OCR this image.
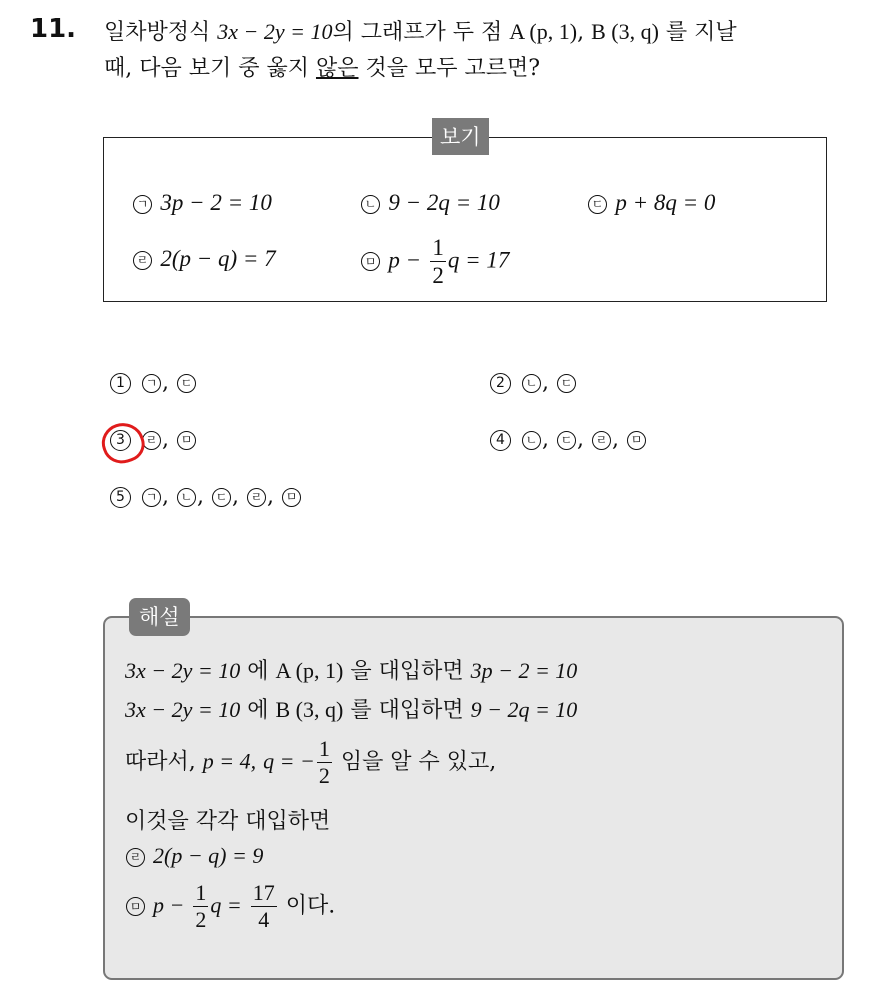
11. 일차방정식 3x − 2y = 10의 그래프가 두 점 A (p, 1), B (3, q) 를 지날
때, 다음 보기 중 옳지 않은 것을 모두 고르면?
보기
ㄱ 3p − 2 = 10	ㄴ 9 − 2q = 10	ㄷ p + 8q = 0
ㄹ 2(p − q) = 7	ㅁ $p - \frac{1}{2}$ q = 17
1 ㄱ , ㄷ	2 ㄴ , ㄷ
3 ㄹ , ㅁ	4 ㄴ , ㄷ , ㄹ , ㅁ
5 ㄱ , ㄴ , ㄷ , ㄹ , ㅁ
해설
3x − 2y = 10 에 A (p, 1) 을 대입하면 3p − 2 = 10
3x − 2y = 10 에 B (3, q) 를 대입하면 9 − 2q = 10
따라서, p = 4, q = − $\frac{1}{2}$ 임을 알 수 있고,
이것을 각각 대입하면
ㄹ 2(p − q) = 9
ㅁ $p - \frac{1}{2}$ $q = \frac{17}{4}$ 이다.
